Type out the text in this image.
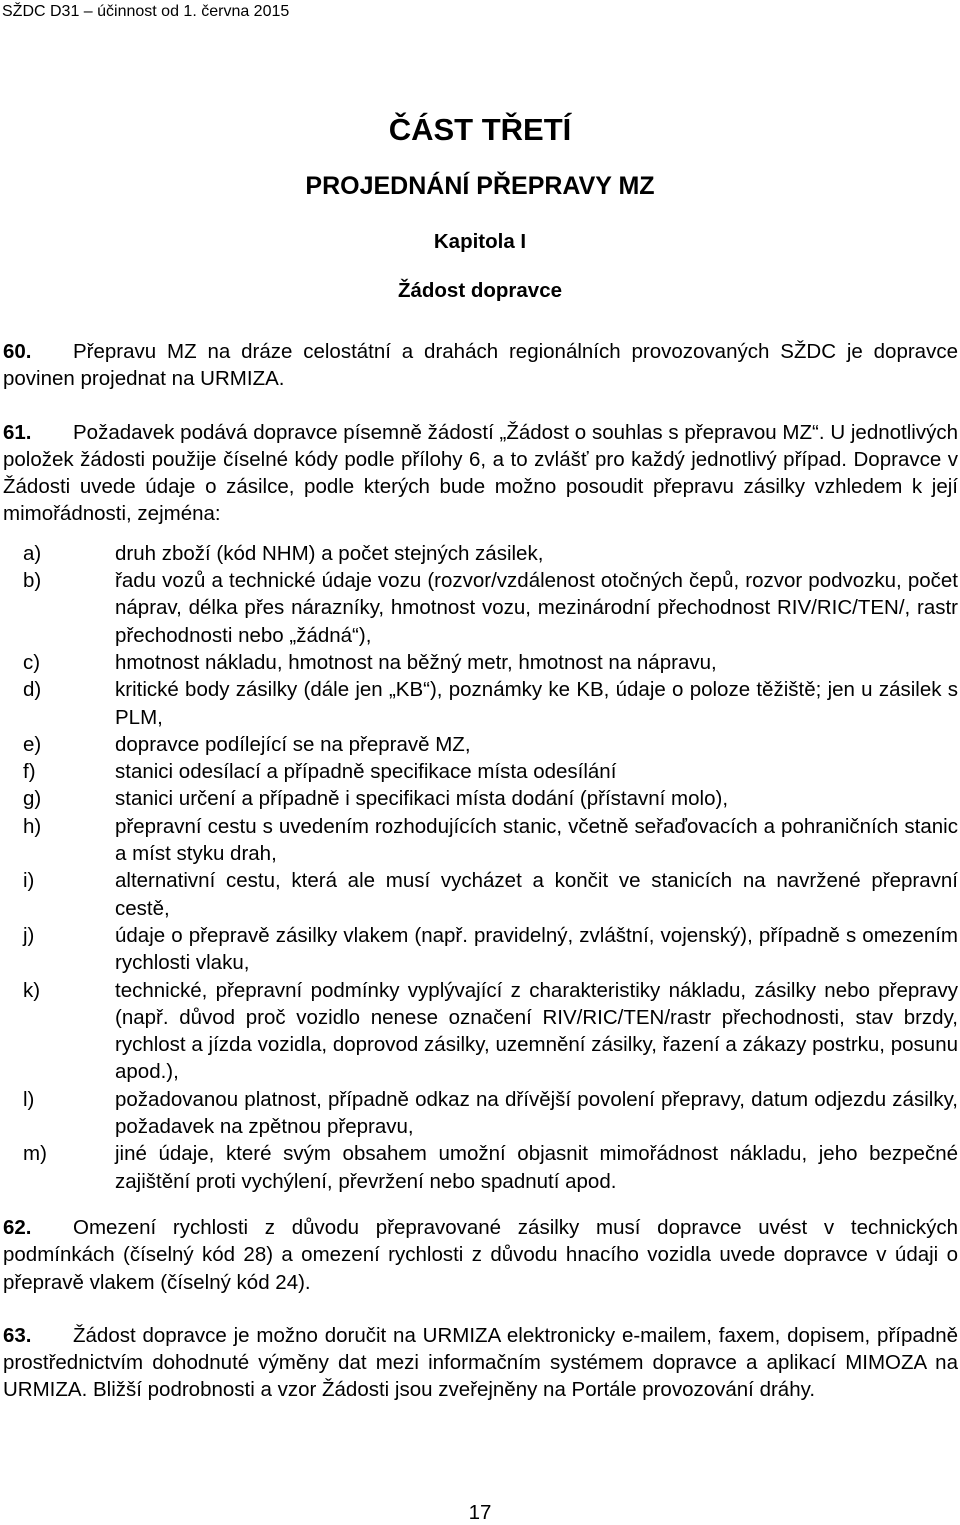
SŽDC D31 – účinnost od 1. června 2015
ČÁST TŘETÍ
PROJEDNÁNÍ PŘEPRAVY MZ
Kapitola I
Žádost dopravce

60. Přepravu MZ na dráze celostátní a drahách regionálních provozovaných SŽDC je dopravce povinen projednat na URMIZA.

61. Požadavek podává dopravce písemně žádostí „Žádost o souhlas s přepravou MZ“. U jednotlivých položek žádosti použije číselné kódy podle přílohy 6, a to zvlášť pro každý jednotlivý případ. Dopravce v Žádosti uvede údaje o zásilce, podle kterých bude možno posoudit přepravu zásilky vzhledem k její mimořádnosti, zejména:

a)	druh zboží (kód NHM) a počet stejných zásilek,
b)	řadu vozů a technické údaje vozu (rozvor/vzdálenost otočných čepů, rozvor podvozku, počet náprav, délka přes nárazníky, hmotnost vozu, mezinárodní přechodnost RIV/RIC/TEN/, rastr přechodnosti nebo „žádná“),
c)	hmotnost nákladu, hmotnost na běžný metr, hmotnost na nápravu,
d)	kritické body zásilky (dále jen „KB“), poznámky ke KB, údaje o poloze těžiště; jen u zásilek s PLM,
e)	dopravce podílející se na přepravě MZ,
f)	stanici odesílací a případně specifikace místa odesílání
g)	stanici určení a případně i specifikaci místa dodání (přístavní molo),
h)	přepravní cestu s uvedením rozhodujících stanic, včetně seřaďovacích a pohraničních stanic a míst styku drah,
i)	alternativní cestu, která ale musí vycházet a končit ve stanicích na navržené přepravní cestě,
j)	údaje o přepravě zásilky vlakem (např. pravidelný, zvláštní, vojenský), případně s omezením rychlosti vlaku,
k)	technické, přepravní podmínky vyplývající z charakteristiky nákladu, zásilky nebo přepravy (např. důvod proč vozidlo nenese označení RIV/RIC/TEN/rastr přechodnosti, stav brzdy, rychlost a jízda vozidla, doprovod zásilky, uzemnění zásilky, řazení a zákazy postrku, posunu apod.),
l)	požadovanou platnost, případně odkaz na dřívější povolení přepravy, datum odjezdu zásilky, požadavek na zpětnou přepravu,
m)	jiné údaje, které svým obsahem umožní objasnit mimořádnost nákladu, jeho bezpečné zajištění proti vychýlení, převržení nebo spadnutí apod.

62. Omezení rychlosti z důvodu přepravované zásilky musí dopravce uvést v technických podmínkách (číselný kód 28) a omezení rychlosti z důvodu hnacího vozidla uvede dopravce v údaji o přepravě vlakem (číselný kód 24).

63. Žádost dopravce je možno doručit na URMIZA elektronicky e-mailem, faxem, dopisem, případně prostřednictvím dohodnuté výměny dat mezi informačním systémem dopravce a aplikací MIMOZA na URMIZA. Bližší podrobnosti a vzor Žádosti jsou zveřejněny na Portále provozování dráhy.

17
